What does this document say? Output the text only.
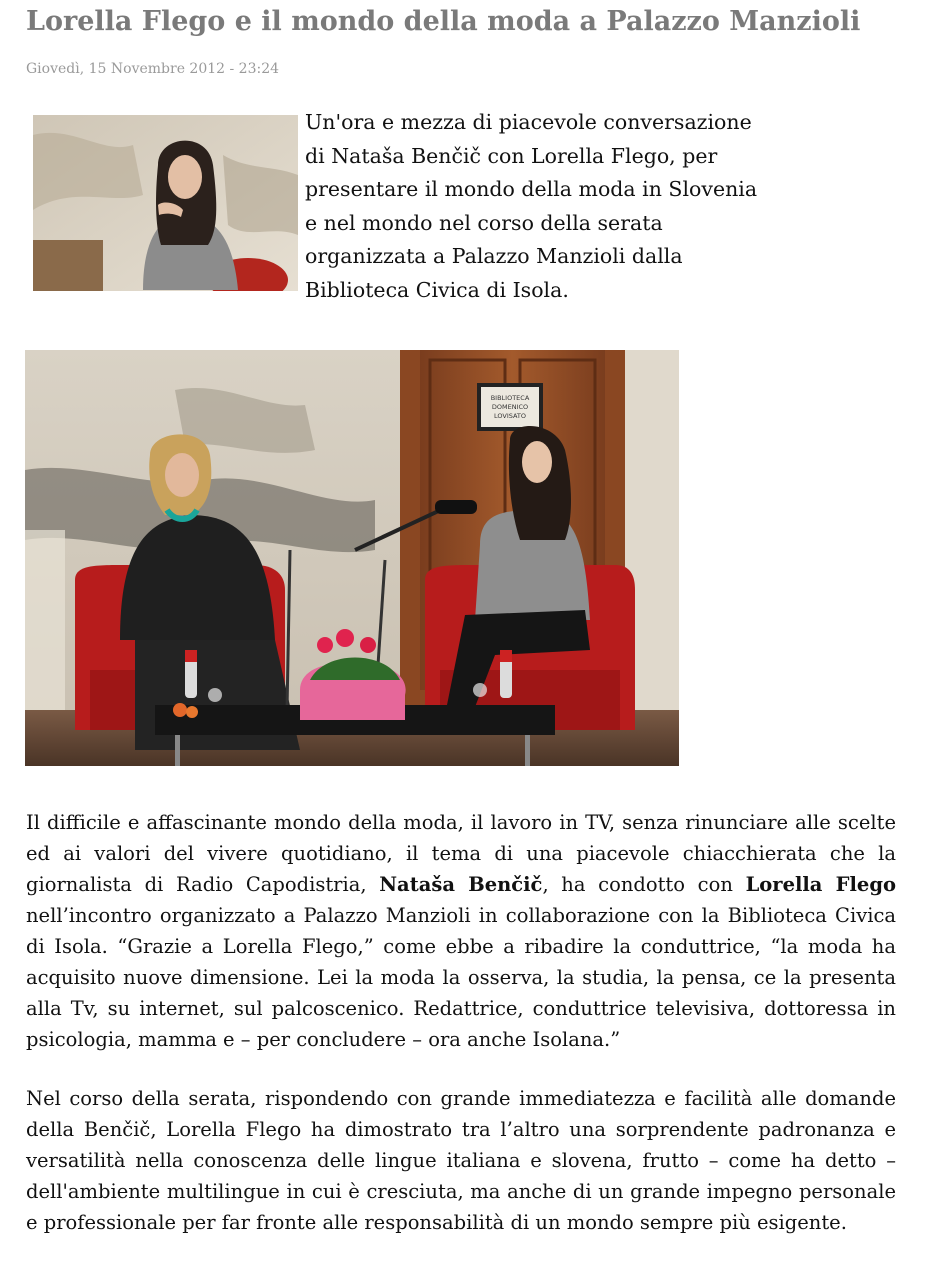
Lorella Flego e il mondo della moda a Palazzo Manzioli
Giovedì, 15 Novembre 2012 - 23:24

Un'ora e mezza di piacevole conversazione di Nataša Benčič con Lorella Flego, per presentare il mondo della moda in Slovenia e nel mondo nel corso della serata organizzata a Palazzo Manzioli dalla Biblioteca Civica di Isola.

BIBLIOTECA
DOMENICO
LOVISATO

Il difficile e affascinante mondo della moda, il lavoro in TV, senza rinunciare alle scelte ed ai valori del vivere quotidiano, il tema di una piacevole chiacchierata che la giornalista di Radio Capodistria, Nataša Benčič, ha condotto con Lorella Flego nell’incontro organizzato a Palazzo Manzioli in collaborazione con la Biblioteca Civica di Isola. “Grazie a Lorella Flego,” come ebbe a ribadire la conduttrice, “la moda ha acquisito nuove dimensione. Lei la moda la osserva, la studia, la pensa, ce la presenta alla Tv, su internet, sul palcoscenico. Redattrice, conduttrice televisiva, dottoressa in psicologia, mamma e – per concludere – ora anche Isolana.”

Nel corso della serata, rispondendo con grande immediatezza e facilità alle domande della Benčič, Lorella Flego ha dimostrato tra l’altro una sorprendente padronanza e versatilità nella conoscenza delle lingue italiana e slovena, frutto – come ha detto – dell'ambiente multilingue in cui è cresciuta, ma anche di un grande impegno personale e professionale per far fronte alle responsabilità di un mondo sempre più esigente.
